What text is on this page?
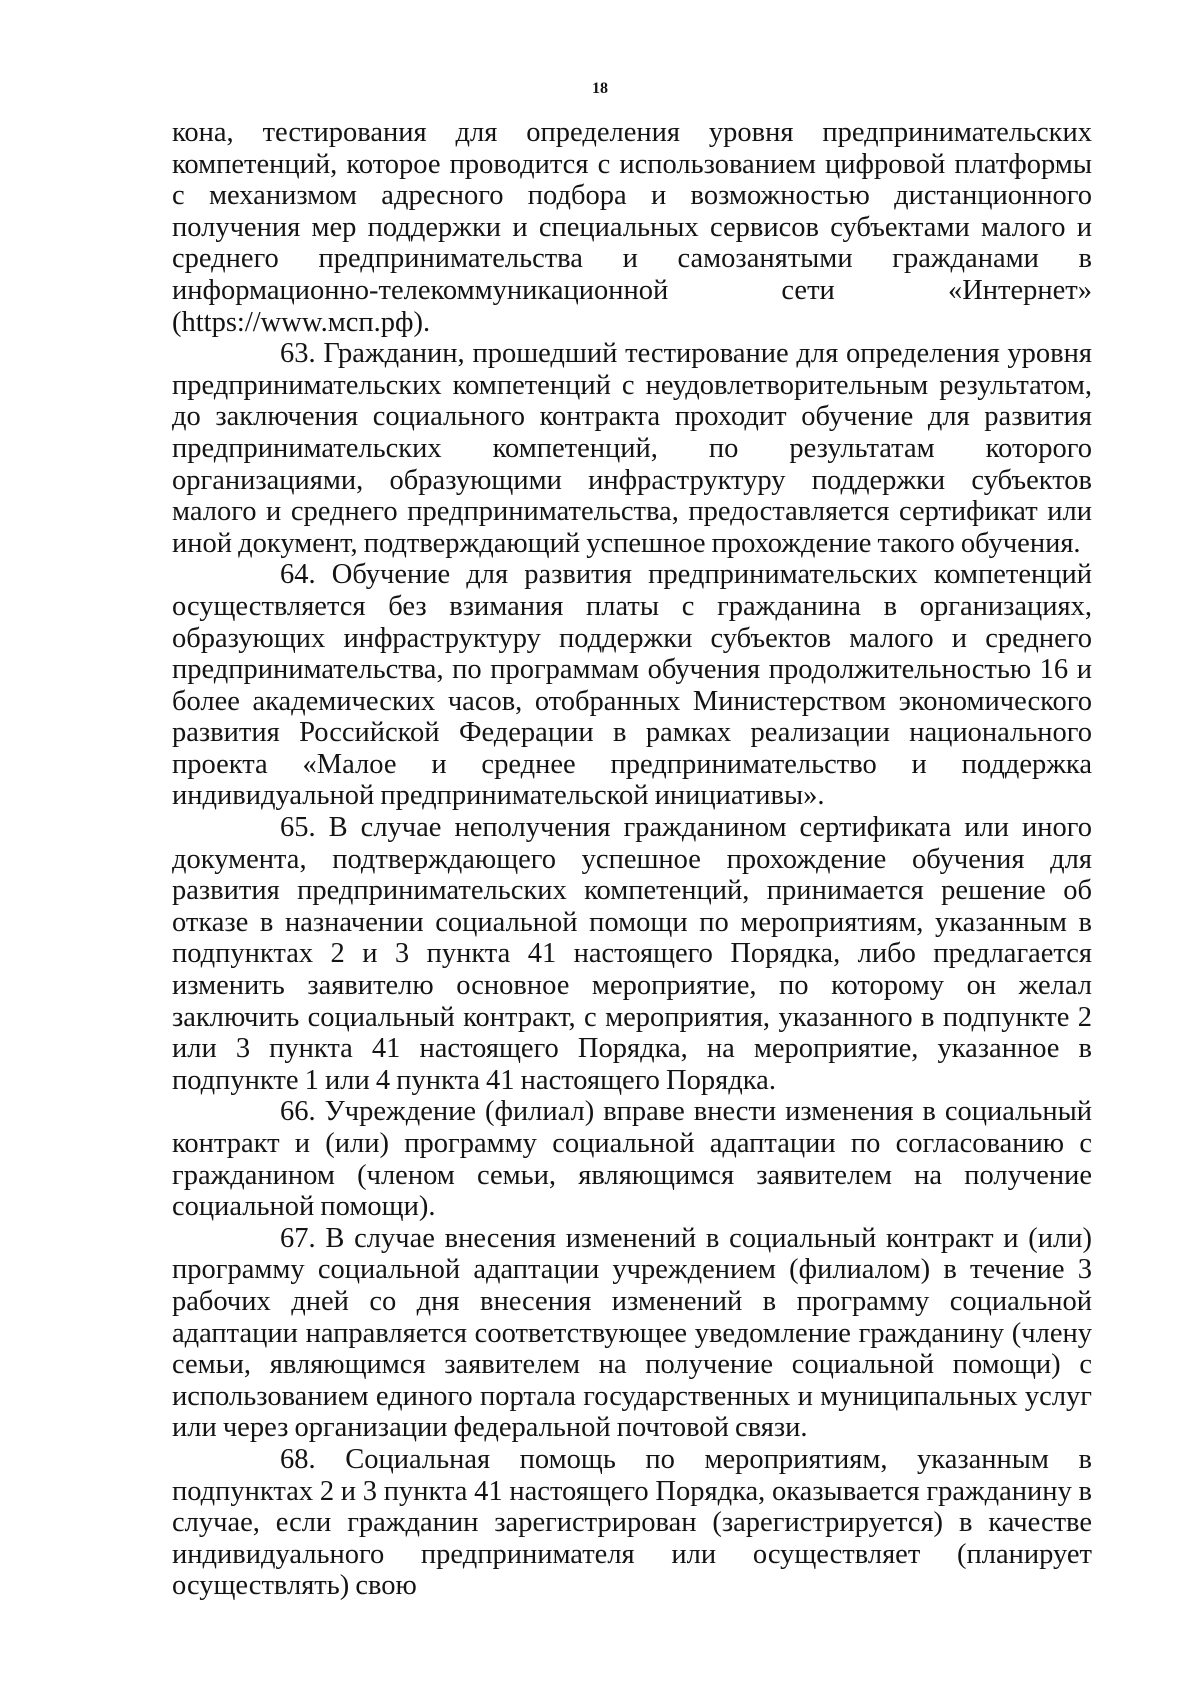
18

кона, тестирования для определения уровня предпринимательских компетенций, которое проводится с использованием цифровой платформы с механизмом адресного подбора и возможностью дистанционного получения мер поддержки и специальных сервисов субъектами малого и среднего предпринимательства и самозанятыми гражданами в информационно-телекоммуникационной сети «Интернет» (https://www.мсп.рф).

63. Гражданин, прошедший тестирование для определения уровня предпринимательских компетенций с неудовлетворительным результатом, до заключения социального контракта проходит обучение для развития предпринимательских компетенций, по результатам которого организациями, образующими инфраструктуру поддержки субъектов малого и среднего предпринимательства, предоставляется сертификат или иной документ, подтверждающий успешное прохождение такого обучения.

64. Обучение для развития предпринимательских компетенций осуществляется без взимания платы с гражданина в организациях, образующих инфраструктуру поддержки субъектов малого и среднего предпринимательства, по программам обучения продолжительностью 16 и более академических часов, отобранных Министерством экономического развития Российской Федерации в рамках реализации национального проекта «Малое и среднее предпринимательство и поддержка индивидуальной предпринимательской инициативы».

65. В случае неполучения гражданином сертификата или иного документа, подтверждающего успешное прохождение обучения для развития предпринимательских компетенций, принимается решение об отказе в назначении социальной помощи по мероприятиям, указанным в подпунктах 2 и 3 пункта 41 настоящего Порядка, либо предлагается изменить заявителю основное мероприятие, по которому он желал заключить социальный контракт, с мероприятия, указанного в подпункте 2 или 3 пункта 41 настоящего Порядка, на мероприятие, указанное в подпункте 1 или 4 пункта 41 настоящего Порядка.

66. Учреждение (филиал) вправе внести изменения в социальный контракт и (или) программу социальной адаптации по согласованию с гражданином (членом семьи, являющимся заявителем на получение социальной помощи).

67. В случае внесения изменений в социальный контракт и (или) программу социальной адаптации учреждением (филиалом) в течение 3 рабочих дней со дня внесения изменений в программу социальной адаптации направляется соответствующее уведомление гражданину (члену семьи, являющимся заявителем на получение социальной помощи) с использованием единого портала государственных и муниципальных услуг или через организации федеральной почтовой связи.

68. Социальная помощь по мероприятиям, указанным в подпунктах 2 и 3 пункта 41 настоящего Порядка, оказывается гражданину в случае, если гражданин зарегистрирован (зарегистрируется) в качестве индивидуального предпринимателя или осуществляет (планирует осуществлять) свою
